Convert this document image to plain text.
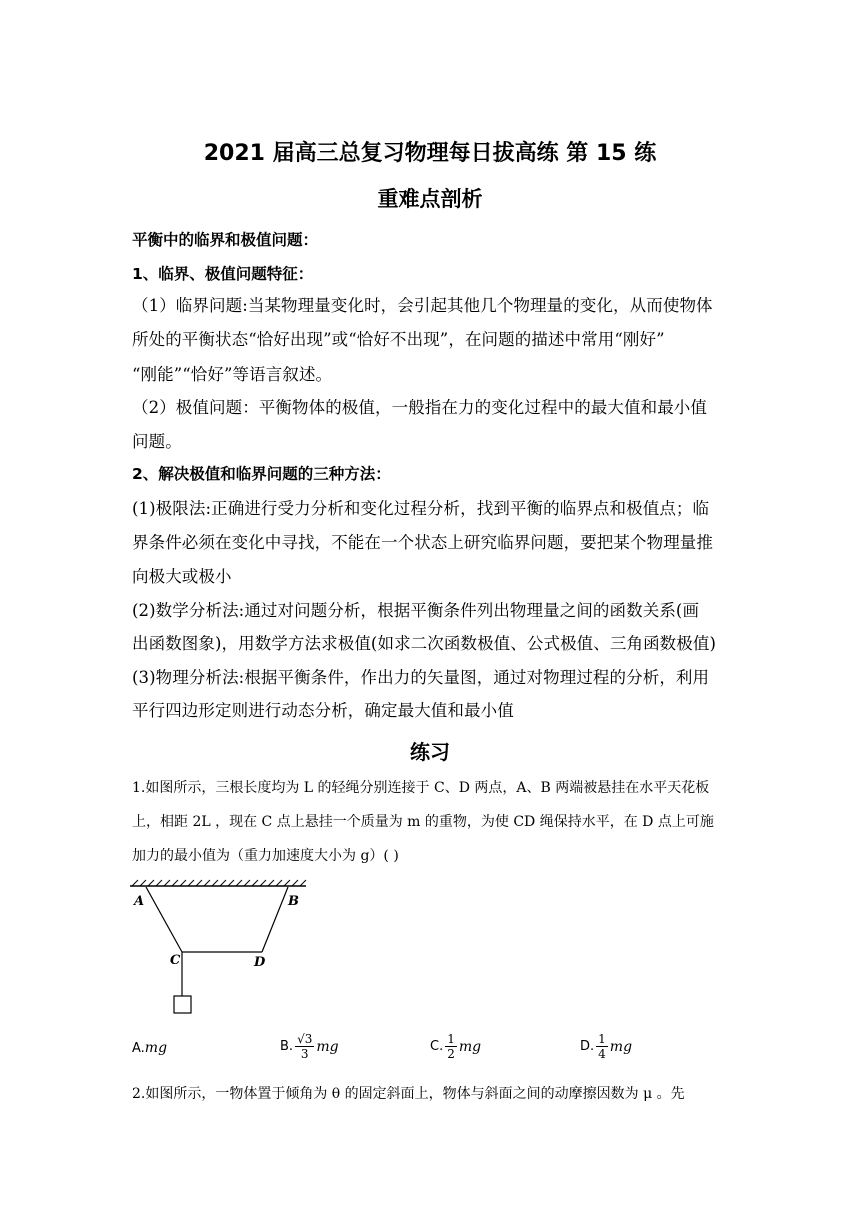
2021 届高三总复习物理每日拔高练 第 15 练
重难点剖析
平衡中的临界和极值问题：
1、临界、极值问题特征：
（1）临界问题:当某物理量变化时，会引起其他几个物理量的变化，从而使物体
所处的平衡状态“恰好出现”或“恰好不出现”，在问题的描述中常用“刚好”
“刚能”“恰好”等语言叙述。
（2）极值问题：平衡物体的极值，一般指在力的变化过程中的最大值和最小值
问题。
2、解决极值和临界问题的三种方法：
(1)极限法:正确进行受力分析和变化过程分析，找到平衡的临界点和极值点；临
界条件必须在变化中寻找，不能在一个状态上研究临界问题，要把某个物理量推
向极大或极小
(2)数学分析法:通过对问题分析，根据平衡条件列出物理量之间的函数关系(画
出函数图象)，用数学方法求极值(如求二次函数极值、公式极值、三角函数极值)
(3)物理分析法:根据平衡条件，作出力的矢量图，通过对物理过程的分析，利用
平行四边形定则进行动态分析，确定最大值和最小值
练习
1.如图所示，三根长度均为 L 的轻绳分别连接于 C、D 两点，A、B 两端被悬挂在水平天花板
上，相距 2L ，现在 C 点上悬挂一个质量为 m 的重物，为使 CD 绳保持水平，在 D 点上可施
加力的最小值为（重力加速度大小为 g）( )
A	B
C	D
A. mg	B. $\frac{√3}{3}$ mg	C. $\frac{1}{2}$ mg	D. $\frac{1}{4}$ mg
2.如图所示，一物体置于倾角为 θ 的固定斜面上，物体与斜面之间的动摩擦因数为 μ 。先
